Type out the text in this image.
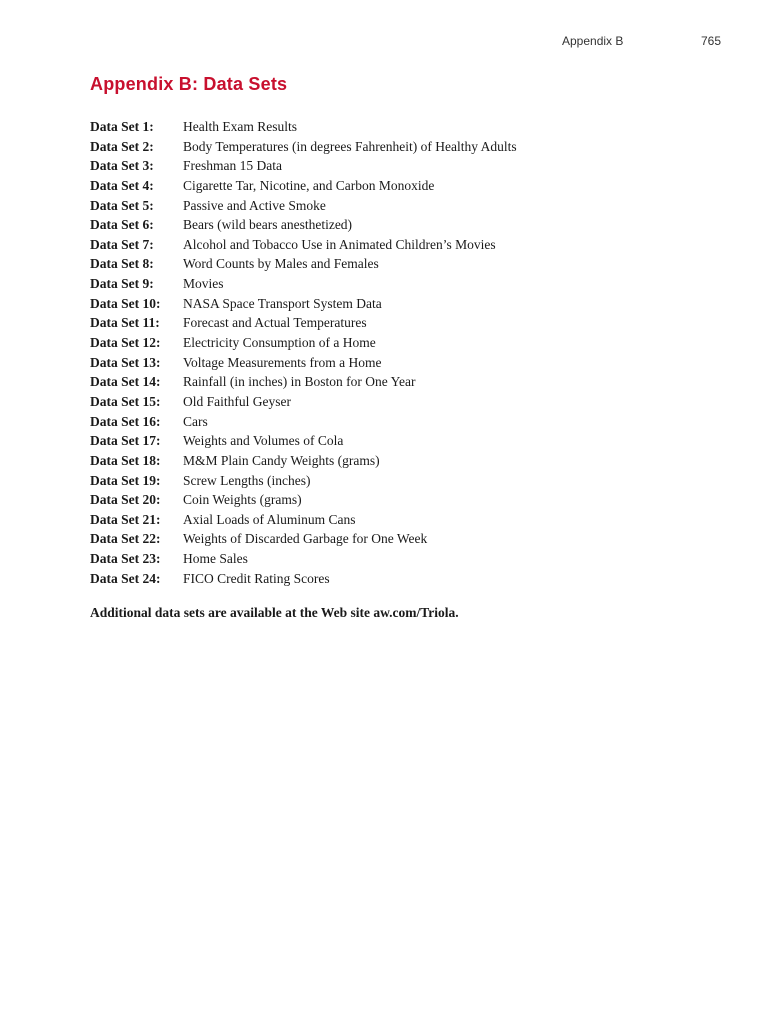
Appendix B	765
Appendix B: Data Sets
Data Set 1:	Health Exam Results
Data Set 2:	Body Temperatures (in degrees Fahrenheit) of Healthy Adults
Data Set 3:	Freshman 15 Data
Data Set 4:	Cigarette Tar, Nicotine, and Carbon Monoxide
Data Set 5:	Passive and Active Smoke
Data Set 6:	Bears (wild bears anesthetized)
Data Set 7:	Alcohol and Tobacco Use in Animated Children’s Movies
Data Set 8:	Word Counts by Males and Females
Data Set 9:	Movies
Data Set 10:	NASA Space Transport System Data
Data Set 11:	Forecast and Actual Temperatures
Data Set 12:	Electricity Consumption of a Home
Data Set 13:	Voltage Measurements from a Home
Data Set 14:	Rainfall (in inches) in Boston for One Year
Data Set 15:	Old Faithful Geyser
Data Set 16:	Cars
Data Set 17:	Weights and Volumes of Cola
Data Set 18:	M&M Plain Candy Weights (grams)
Data Set 19:	Screw Lengths (inches)
Data Set 20:	Coin Weights (grams)
Data Set 21:	Axial Loads of Aluminum Cans
Data Set 22:	Weights of Discarded Garbage for One Week
Data Set 23:	Home Sales
Data Set 24:	FICO Credit Rating Scores

Additional data sets are available at the Web site aw.com/Triola.
